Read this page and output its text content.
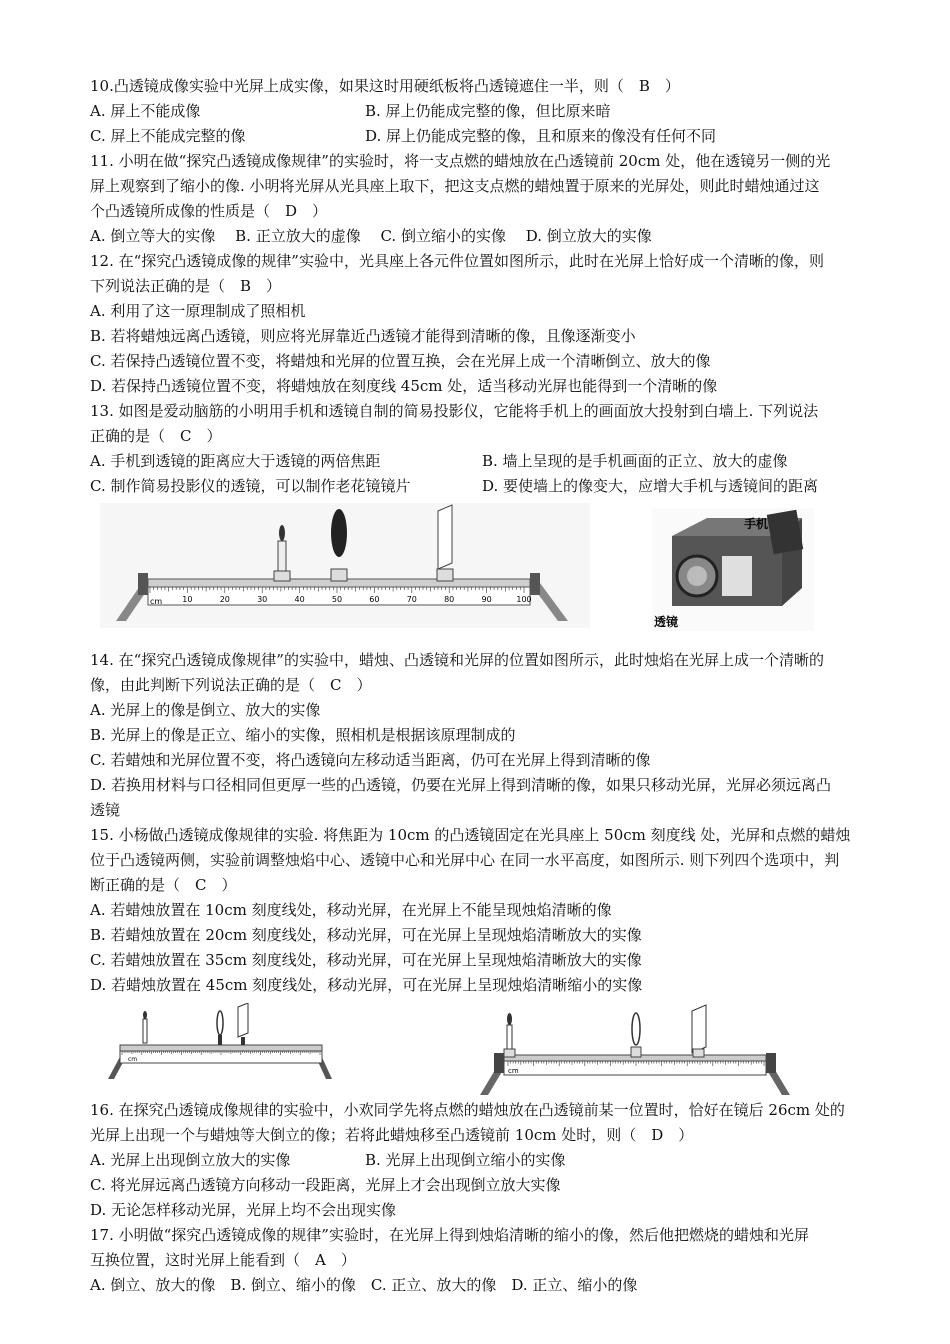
10.凸透镜成像实验中光屏上成实像，如果这时用硬纸板将凸透镜遮住一半，则（　B　）
A. 屏上不能成像	B. 屏上仍能成完整的像，但比原来暗
C. 屏上不能成完整的像	D. 屏上仍能成完整的像，且和原来的像没有任何不同
11. 小明在做“探究凸透镜成像规律”的实验时，将一支点燃的蜡烛放在凸透镜前 20cm 处，他在透镜另一侧的光
屏上观察到了缩小的像. 小明将光屏从光具座上取下，把这支点燃的蜡烛置于原来的光屏处，则此时蜡烛通过这
个凸透镜所成像的性质是（　D　）
A. 倒立等大的实像　 B. 正立放大的虚像　 C. 倒立缩小的实像　 D. 倒立放大的实像
12. 在“探究凸透镜成像的规律”实验中，光具座上各元件位置如图所示，此时在光屏上恰好成一个清晰的像，则
下列说法正确的是（　B　）
A. 利用了这一原理制成了照相机
B. 若将蜡烛远离凸透镜，则应将光屏靠近凸透镜才能得到清晰的像，且像逐渐变小
C. 若保持凸透镜位置不变，将蜡烛和光屏的位置互换，会在光屏上成一个清晰倒立、放大的像
D. 若保持凸透镜位置不变，将蜡烛放在刻度线 45cm 处，适当移动光屏也能得到一个清晰的像
13. 如图是爱动脑筋的小明用手机和透镜自制的简易投影仪，它能将手机上的画面放大投射到白墙上. 下列说法
正确的是（　C　）
A. 手机到透镜的距离应大于透镜的两倍焦距	B. 墙上呈现的是手机画面的正立、放大的虚像
C. 制作简易投影仪的透镜，可以制作老花镜镜片	D. 要使墙上的像变大，应增大手机与透镜间的距离
10	20	30	40	50	60	70	80	90	100
cm
手机
透镜
14. 在“探究凸透镜成像规律”的实验中，蜡烛、凸透镜和光屏的位置如图所示，此时烛焰在光屏上成一个清晰的
像，由此判断下列说法正确的是（　C　）
A. 光屏上的像是倒立、放大的实像
B. 光屏上的像是正立、缩小的实像，照相机是根据该原理制成的
C. 若蜡烛和光屏位置不变，将凸透镜向左移动适当距离，仍可在光屏上得到清晰的像
D. 若换用材料与口径相同但更厚一些的凸透镜，仍要在光屏上得到清晰的像，如果只移动光屏，光屏必须远离凸
透镜
15. 小杨做凸透镜成像规律的实验. 将焦距为 10cm 的凸透镜固定在光具座上 50cm 刻度线 处，光屏和点燃的蜡烛
位于凸透镜两侧，实验前调整烛焰中心、透镜中心和光屏中心 在同一水平高度，如图所示. 则下列四个选项中，判
断正确的是（　C　）
A. 若蜡烛放置在 10cm 刻度线处，移动光屏，在光屏上不能呈现烛焰清晰的像
B. 若蜡烛放置在 20cm 刻度线处，移动光屏，可在光屏上呈现烛焰清晰放大的实像
C. 若蜡烛放置在 35cm 刻度线处，移动光屏，可在光屏上呈现烛焰清晰放大的实像
D. 若蜡烛放置在 45cm 刻度线处，移动光屏，可在光屏上呈现烛焰清晰缩小的实像
cm
cm
16. 在探究凸透镜成像规律的实验中，小欢同学先将点燃的蜡烛放在凸透镜前某一位置时，恰好在镜后 26cm 处的
光屏上出现一个与蜡烛等大倒立的像；若将此蜡烛移至凸透镜前 10cm 处时，则（　D　）
A. 光屏上出现倒立放大的实像	B. 光屏上出现倒立缩小的实像
C. 将光屏远离凸透镜方向移动一段距离，光屏上才会出现倒立放大实像
D. 无论怎样移动光屏，光屏上均不会出现实像
17. 小明做“探究凸透镜成像的规律”实验时，在光屏上得到烛焰清晰的缩小的像，然后他把燃烧的蜡烛和光屏
互换位置，这时光屏上能看到（　A　）
A. 倒立、放大的像　B. 倒立、缩小的像　C. 正立、放大的像　D. 正立、缩小的像
